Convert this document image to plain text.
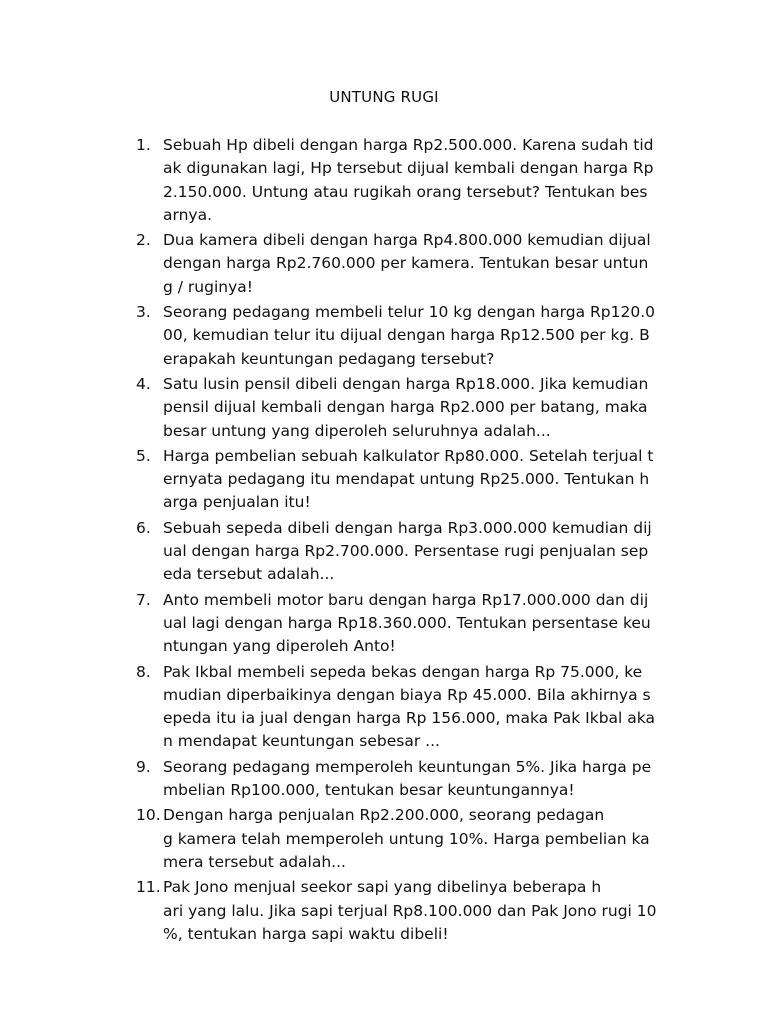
UNTUNG RUGI
1. Sebuah Hp dibeli dengan harga Rp2.500.000. Karena sudah tid
ak digunakan lagi, Hp tersebut dijual kembali dengan harga Rp
2.150.000. Untung atau rugikah orang tersebut? Tentukan bes
arnya.
2. Dua kamera dibeli dengan harga Rp4.800.000 kemudian dijual
dengan harga Rp2.760.000 per kamera. Tentukan besar untun
g / ruginya!
3. Seorang pedagang membeli telur 10 kg dengan harga Rp120.0
00, kemudian telur itu dijual dengan harga Rp12.500 per kg. B
erapakah keuntungan pedagang tersebut?
4. Satu lusin pensil dibeli dengan harga Rp18.000. Jika kemudian
pensil dijual kembali dengan harga Rp2.000 per batang, maka
besar untung yang diperoleh seluruhnya adalah...
5. Harga pembelian sebuah kalkulator Rp80.000. Setelah terjual t
ernyata pedagang itu mendapat untung Rp25.000. Tentukan h
arga penjualan itu!
6. Sebuah sepeda dibeli dengan harga Rp3.000.000 kemudian dij
ual dengan harga Rp2.700.000. Persentase rugi penjualan sep
eda tersebut adalah...
7. Anto membeli motor baru dengan harga Rp17.000.000 dan dij
ual lagi dengan harga Rp18.360.000. Tentukan persentase keu
ntungan yang diperoleh Anto!
8. Pak Ikbal membeli sepeda bekas dengan harga Rp 75.000, ke
mudian diperbaikinya dengan biaya Rp 45.000. Bila akhirnya s
epeda itu ia jual dengan harga Rp 156.000, maka Pak Ikbal aka
n mendapat keuntungan sebesar ...
9. Seorang pedagang memperoleh keuntungan 5%. Jika harga pe
mbelian Rp100.000, tentukan besar keuntungannya!
10. Dengan harga penjualan Rp2.200.000, seorang pedagan
g kamera telah memperoleh untung 10%. Harga pembelian ka
mera tersebut adalah...
11. Pak Jono menjual seekor sapi yang dibelinya beberapa h
ari yang lalu. Jika sapi terjual Rp8.100.000 dan Pak Jono rugi 10
%, tentukan harga sapi waktu dibeli!
